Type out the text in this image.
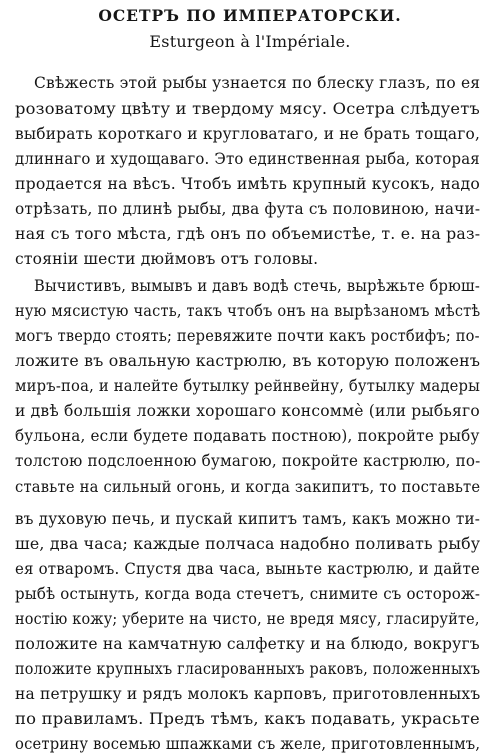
ОСЕТРЪ ПО ИМПЕРАТОРСКИ.
Esturgeon à l'Impériale.
Свѣжесть этой рыбы узнается по блеску глазъ, по ея
розоватому цвѣту и твердому мясу. Осетра слѣдуетъ
выбирать короткаго и кругловатаго, и не брать тощаго,
длиннаго и худощаваго. Это единственная рыба, которая
продается на вѣсъ. Чтобъ имѣть крупный кусокъ, надо
отрѣзать, по длинѣ рыбы, два фута съ половиною, начи-
ная съ того мѣста, гдѣ онъ по объемистѣе, т. е. на раз-
стояніи шести дюймовъ отъ головы.
Вычистивъ, вымывъ и давъ водѣ стечь, вырѣжьте брюш-
ную мясистую часть, такъ чтобъ онъ на вырѣзаномъ мѣстѣ
могъ твердо стоять; перевяжите почти какъ ростбифъ; по-
ложите въ овальную кастрюлю, въ которую положенъ
миръ-поа, и налейте бутылку рейнвейну, бутылку мадеры
и двѣ большія ложки хорошаго консоммѐ (или рыбьяго
бульона, если будете подавать постною), покройте рыбу
толстою подслоенною бумагою, покройте кастрюлю, по-
ставьте на сильный огонь, и когда закипитъ, то поставьте
въ духовую печь, и пускай кипитъ тамъ, какъ можно ти-
ше, два часа; каждые полчаса надобно поливать рыбу
ея отваромъ. Спустя два часа, выньте кастрюлю, и дайте
рыбѣ остынуть, когда вода стечетъ, снимите съ осторож-
ностію кожу; уберите на чисто, не вредя мясу, гласируйте,
положите на камчатную салфетку и на блюдо, вокругъ
положите крупныхъ гласированныхъ раковъ, положенныхъ
на петрушку и рядъ молокъ карповъ, приготовленныхъ
по правиламъ. Предъ тѣмъ, какъ подавать, украсьте
осетрину восемью шпажками съ желе, приготовленнымъ,
